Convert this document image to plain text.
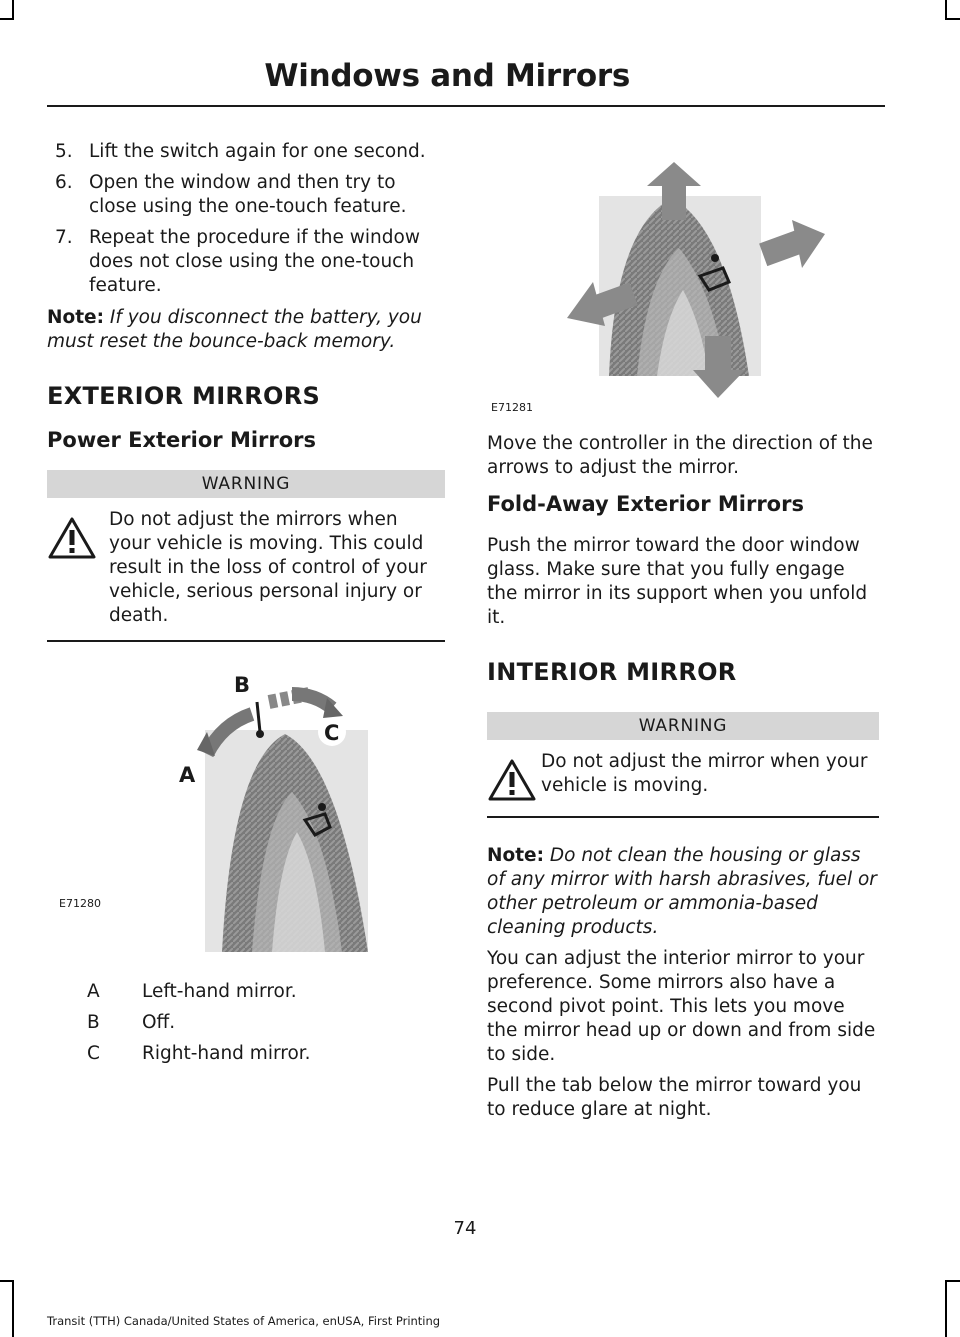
Windows and Mirrors
5. Lift the switch again for one second.
6. Open the window and then try to close using the one-touch feature.
7. Repeat the procedure if the window does not close using the one-touch feature.

Note: If you disconnect the battery, you must reset the bounce-back memory.

EXTERIOR MIRRORS
Power Exterior Mirrors
WARNING

Do not adjust the mirrors when your vehicle is moving. This could result in the loss of control of your vehicle, serious personal injury or death.

A
B
C
E71280
A	Left-hand mirror.
B	Off.
C	Right-hand mirror.
E71281

Move the controller in the direction of the arrows to adjust the mirror.

Fold-Away Exterior Mirrors

Push the mirror toward the door window glass. Make sure that you fully engage the mirror in its support when you unfold it.

INTERIOR MIRROR
WARNING

Do not adjust the mirror when your vehicle is moving.

Note: Do not clean the housing or glass of any mirror with harsh abrasives, fuel or other petroleum or ammonia-based cleaning products.

You can adjust the interior mirror to your preference. Some mirrors also have a second pivot point. This lets you move the mirror head up or down and from side to side.

Pull the tab below the mirror toward you to reduce glare at night.

74
Transit (TTH) Canada/United States of America, enUSA, First Printing
